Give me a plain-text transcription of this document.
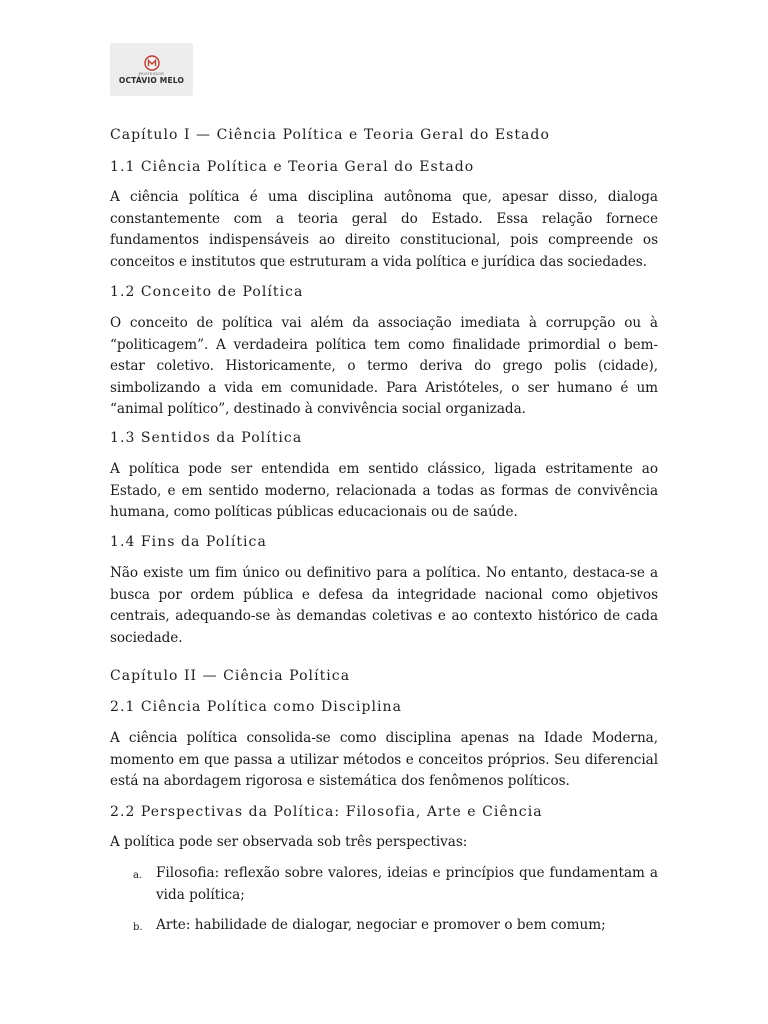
PROFESSOR
OCTÁVIO MELO
Capítulo I — Ciência Política e Teoria Geral do Estado
1.1 Ciência Política e Teoria Geral do Estado

A ciência política é uma disciplina autônoma que, apesar disso, dialoga constantemente com a teoria geral do Estado. Essa relação fornece fundamentos indispensáveis ao direito constitucional, pois compreende os conceitos e institutos que estruturam a vida política e jurídica das sociedades.

1.2 Conceito de Política

O conceito de política vai além da associação imediata à corrupção ou à “politicagem”. A verdadeira política tem como finalidade primordial o bem-estar coletivo. Historicamente, o termo deriva do grego polis (cidade), simbolizando a vida em comunidade. Para Aristóteles, o ser humano é um “animal político”, destinado à convivência social organizada.

1.3 Sentidos da Política

A política pode ser entendida em sentido clássico, ligada estritamente ao Estado, e em sentido moderno, relacionada a todas as formas de convivência humana, como políticas públicas educacionais ou de saúde.

1.4 Fins da Política

Não existe um fim único ou definitivo para a política. No entanto, destaca-se a busca por ordem pública e defesa da integridade nacional como objetivos centrais, adequando-se às demandas coletivas e ao contexto histórico de cada sociedade.

Capítulo II — Ciência Política
2.1 Ciência Política como Disciplina

A ciência política consolida-se como disciplina apenas na Idade Moderna, momento em que passa a utilizar métodos e conceitos próprios. Seu diferencial está na abordagem rigorosa e sistemática dos fenômenos políticos.

2.2 Perspectivas da Política: Filosofia, Arte e Ciência

A política pode ser observada sob três perspectivas:

a. Filosofia: reflexão sobre valores, ideias e princípios que fundamentam a vida política;
b. Arte: habilidade de dialogar, negociar e promover o bem comum;
